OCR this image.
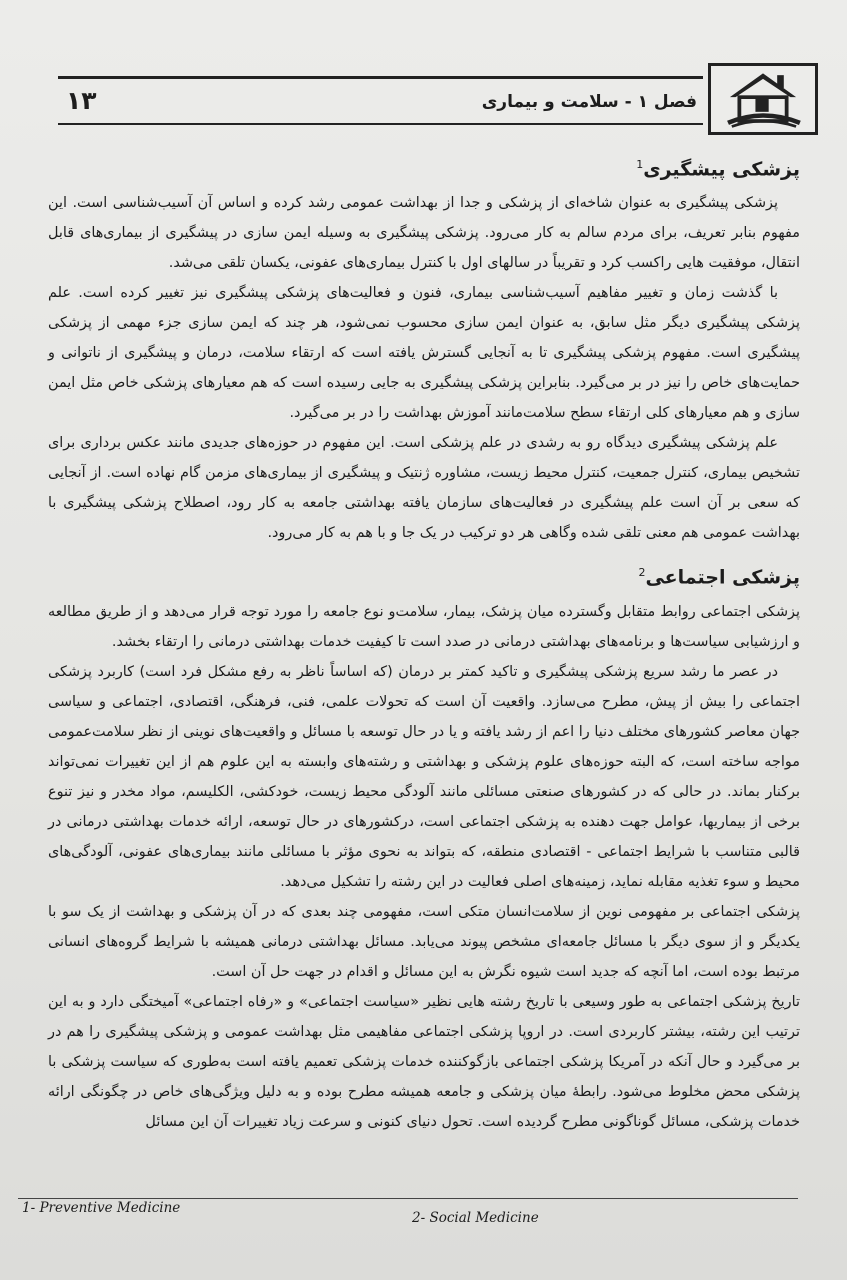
۱۳	فصل ۱ - سلامت و بیماری
پزشکی پیشگیری$^1$

پزشکی پیشگیری به عنوان شاخه‌ای از پزشکی و جدا از بهداشت عمومی رشد کرده و اساس آن آسیب‌شناسی است. این مفهوم بنابر تعریف، برای مردم سالم به کار می‌رود. پزشکی پیشگیری به وسیله ایمن سازی در پیشگیری از بیماری‌های قابل انتقال، موفقیت هایی راکسب کرد و تقریباً در سالهای اول با کنترل بیماری‌های عفونی، یکسان تلقی می‌شد.

با گذشت زمان و تغییر مفاهیم آسیب‌شناسی بیماری، فنون و فعالیت‌های پزشکی پیشگیری نیز تغییر کرده است. علم پزشکی پیشگیری دیگر مثل سابق، به عنوان ایمن سازی محسوب نمی‌شود، هر چند که ایمن سازی جزء مهمی از پزشکی پیشگیری است. مفهوم پزشکی پیشگیری تا به آنجایی گسترش یافته است که ارتقاء سلامت، درمان و پیشگیری از ناتوانی و حمایت‌های خاص را نیز در بر می‌گیرد. بنابراین پزشکی پیشگیری به جایی رسیده است که هم معیارهای پزشکی خاص مثل ایمن سازی و هم معیارهای کلی ارتقاء سطح سلامت‌مانند آموزش بهداشت را در بر می‌گیرد.

علم پزشکی پیشگیری دیدگاه رو به رشدی در علم پزشکی است. این مفهوم در حوزه‌های جدیدی مانند عکس برداری برای تشخیص بیماری، کنترل جمعیت، کنترل محیط زیست، مشاوره ژنتیک و پیشگیری از بیماری‌های مزمن گام نهاده است. از آنجایی که سعی بر آن است علم پیشگیری در فعالیت‌های سازمان یافته بهداشتی جامعه به کار رود، اصطلاح پزشکی پیشگیری با بهداشت عمومی هم معنی تلقی شده وگاهی هر دو ترکیب در یک جا و با هم به کار می‌رود.

پزشکی اجتماعی$^2$

پزشکی اجتماعی روابط متقابل وگسترده میان پزشک، بیمار، سلامت‌و نوع جامعه را مورد توجه قرار می‌دهد و از طریق مطالعه و ارزشیابی سیاست‌ها و برنامه‌های بهداشتی درمانی در صدد است تا کیفیت خدمات بهداشتی درمانی را ارتقاء بخشد.

در عصر ما رشد سریع پزشکی پیشگیری و تاکید کمتر بر درمان (که اساساً ناظر به رفع مشکل فرد است) کاربرد پزشکی اجتماعی را بیش از پیش، مطرح می‌سازد. واقعیت آن است که تحولات علمی، فنی، فرهنگی، اقتصادی، اجتماعی و سیاسی جهان معاصر کشورهای مختلف دنیا را اعم از رشد یافته و یا در حال توسعه با مسائل و واقعیت‌های نوینی از نظر سلامت‌عمومی مواجه ساخته است، که البته حوزه‌های علوم پزشکی و بهداشتی و رشته‌های وابسته به این علوم هم از این تغییرات نمی‌تواند برکنار بماند. در حالی که در کشورهای صنعتی مسائلی مانند آلودگی محیط زیست، خودکشی، الکلیسم، مواد مخدر و نیز تنوع برخی از بیماریها، عوامل جهت دهنده به پزشکی اجتماعی است، درکشورهای در حال توسعه، ارائه خدمات بهداشتی درمانی در قالبی متناسب با شرایط اجتماعی - اقتصادی منطقه، که بتواند به نحوی مؤثر با مسائلی مانند بیماری‌های عفونی، آلودگی‌های محیط و سوء تغذیه مقابله نماید، زمینه‌های اصلی فعالیت در این رشته را تشکیل می‌دهد.

پزشکی اجتماعی بر مفهومی نوین از سلامت‌انسان متکی است، مفهومی چند بعدی که در آن پزشکی و بهداشت از یک سو با یکدیگر و از سوی دیگر با مسائل جامعه‌ای مشخص پیوند می‌یابد. مسائل بهداشتی درمانی همیشه با شرایط گروه‌های انسانی مرتبط بوده است، اما آنچه که جدید است شیوه نگرش به این مسائل و اقدام در جهت حل آن است.

تاریخ پزشکی اجتماعی به طور وسیعی با تاریخ رشته هایی نظیر «سیاست اجتماعی» و «رفاه اجتماعی» آمیختگی دارد و به این ترتیب این رشته، بیشتر کاربردی است. در اروپا پزشکی اجتماعی مفاهیمی مثل بهداشت عمومی و پزشکی پیشگیری را هم در بر می‌گیرد و حال آنکه در آمریکا پزشکی اجتماعی بازگوکننده خدمات پزشکی تعمیم یافته است به‌طوری که سیاست پزشکی با پزشکی محض مخلوط می‌شود. رابطهٔ میان پزشکی و جامعه همیشه مطرح بوده و به دلیل ویژگی‌های خاص در چگونگی ارائه خدمات پزشکی، مسائل گوناگونی مطرح گردیده است. تحول دنیای کنونی و سرعت زیاد تغییرات آن این مسائل

1- Preventive Medicine
2- Social Medicine
